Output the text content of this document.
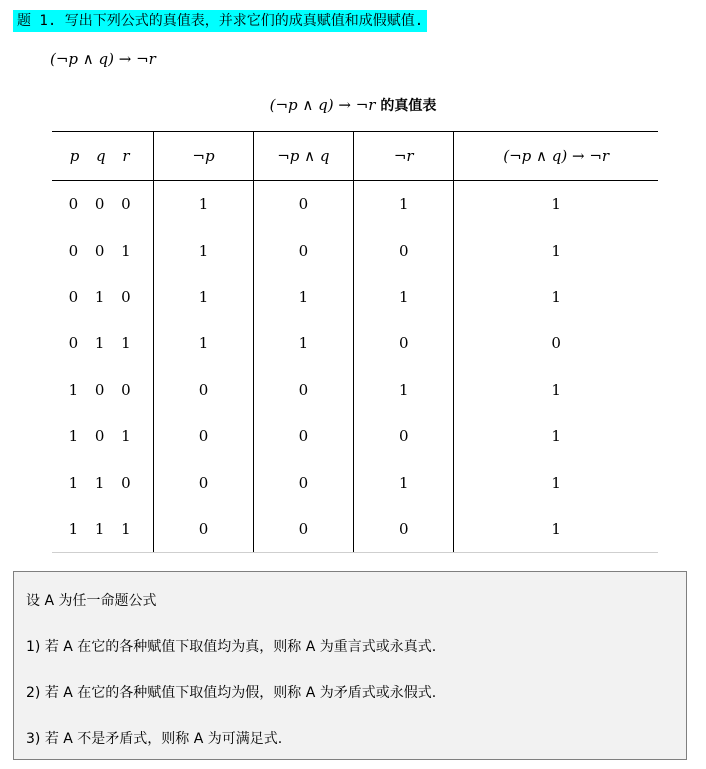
题 1. 写出下列公式的真值表，并求它们的成真赋值和成假赋值.
(¬p ∧ q) → ¬r
(¬p ∧ q) → ¬r 的真值表
p q r	¬p	¬p ∧ q	¬r	(¬p ∧ q) → ¬r
0 0 0	1	0	1	1
0 0 1	1	0	0	1
0 1 0	1	1	1	1
0 1 1	1	1	0	0
1 0 0	0	0	1	1
1 0 1	0	0	0	1
1 1 0	0	0	1	1
1 1 1	0	0	0	1
设 A 为任一命题公式
1) 若 A 在它的各种赋值下取值均为真，则称 A 为重言式或永真式.
2) 若 A 在它的各种赋值下取值均为假，则称 A 为矛盾式或永假式.
3) 若 A 不是矛盾式，则称 A 为可满足式.
